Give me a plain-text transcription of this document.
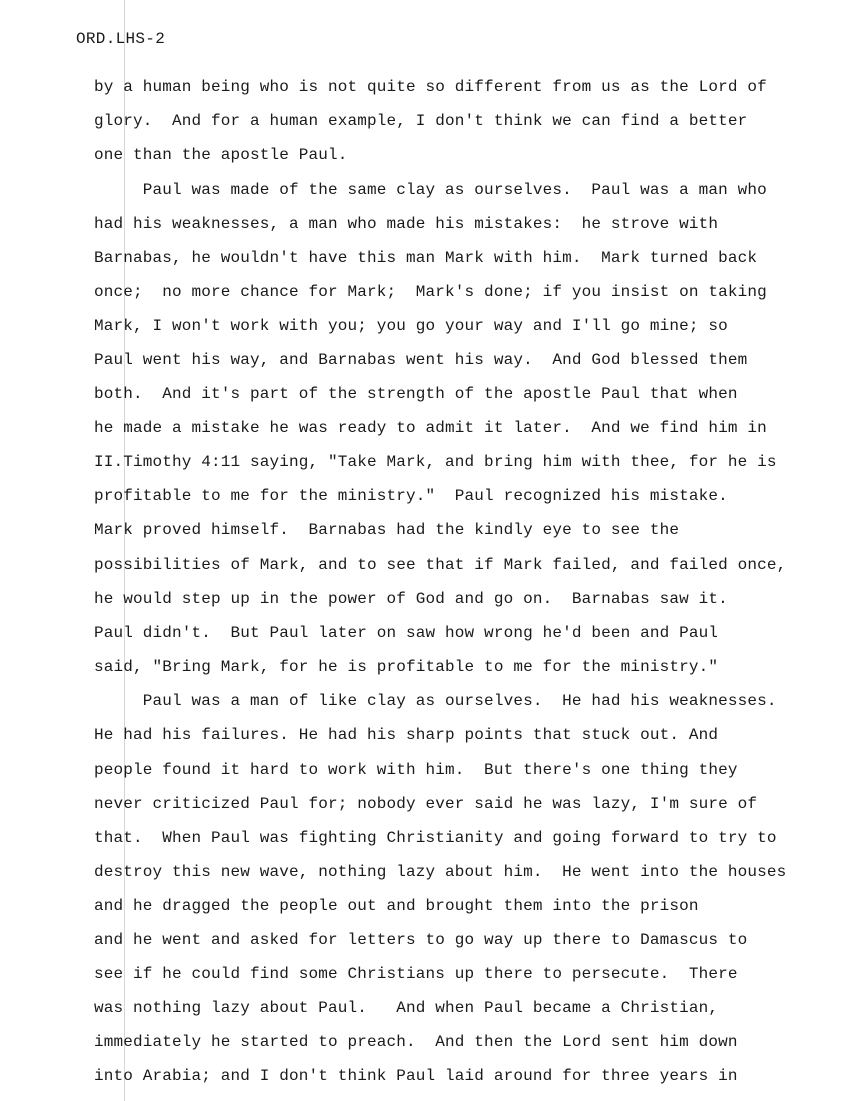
ORD.LHS-2
by a human being who is not quite so different from us as the Lord of
glory.  And for a human example, I don't think we can find a better
one than the apostle Paul.
Paul was made of the same clay as ourselves.  Paul was a man who
had his weaknesses, a man who made his mistakes:  he strove with
Barnabas, he wouldn't have this man Mark with him.  Mark turned back
once;  no more chance for Mark;  Mark's done; if you insist on taking
Mark, I won't work with you; you go your way and I'll go mine; so
Paul went his way, and Barnabas went his way.  And God blessed them
both.  And it's part of the strength of the apostle Paul that when
he made a mistake he was ready to admit it later.  And we find him in
II.Timothy 4:11 saying, "Take Mark, and bring him with thee, for he is
profitable to me for the ministry."  Paul recognized his mistake.
Mark proved himself.  Barnabas had the kindly eye to see the
possibilities of Mark, and to see that if Mark failed, and failed once,
he would step up in the power of God and go on.  Barnabas saw it.
Paul didn't.  But Paul later on saw how wrong he'd been and Paul
said, "Bring Mark, for he is profitable to me for the ministry."
Paul was a man of like clay as ourselves.  He had his weaknesses.
He had his failures. He had his sharp points that stuck out. And
people found it hard to work with him.  But there's one thing they
never criticized Paul for; nobody ever said he was lazy, I'm sure of
that.  When Paul was fighting Christianity and going forward to try to
destroy this new wave, nothing lazy about him.  He went into the houses
and he dragged the people out and brought them into the prison
and he went and asked for letters to go way up there to Damascus to
see if he could find some Christians up there to persecute.  There
was nothing lazy about Paul.   And when Paul became a Christian,
immediately he started to preach.  And then the Lord sent him down
into Arabia; and I don't think Paul laid around for three years in
